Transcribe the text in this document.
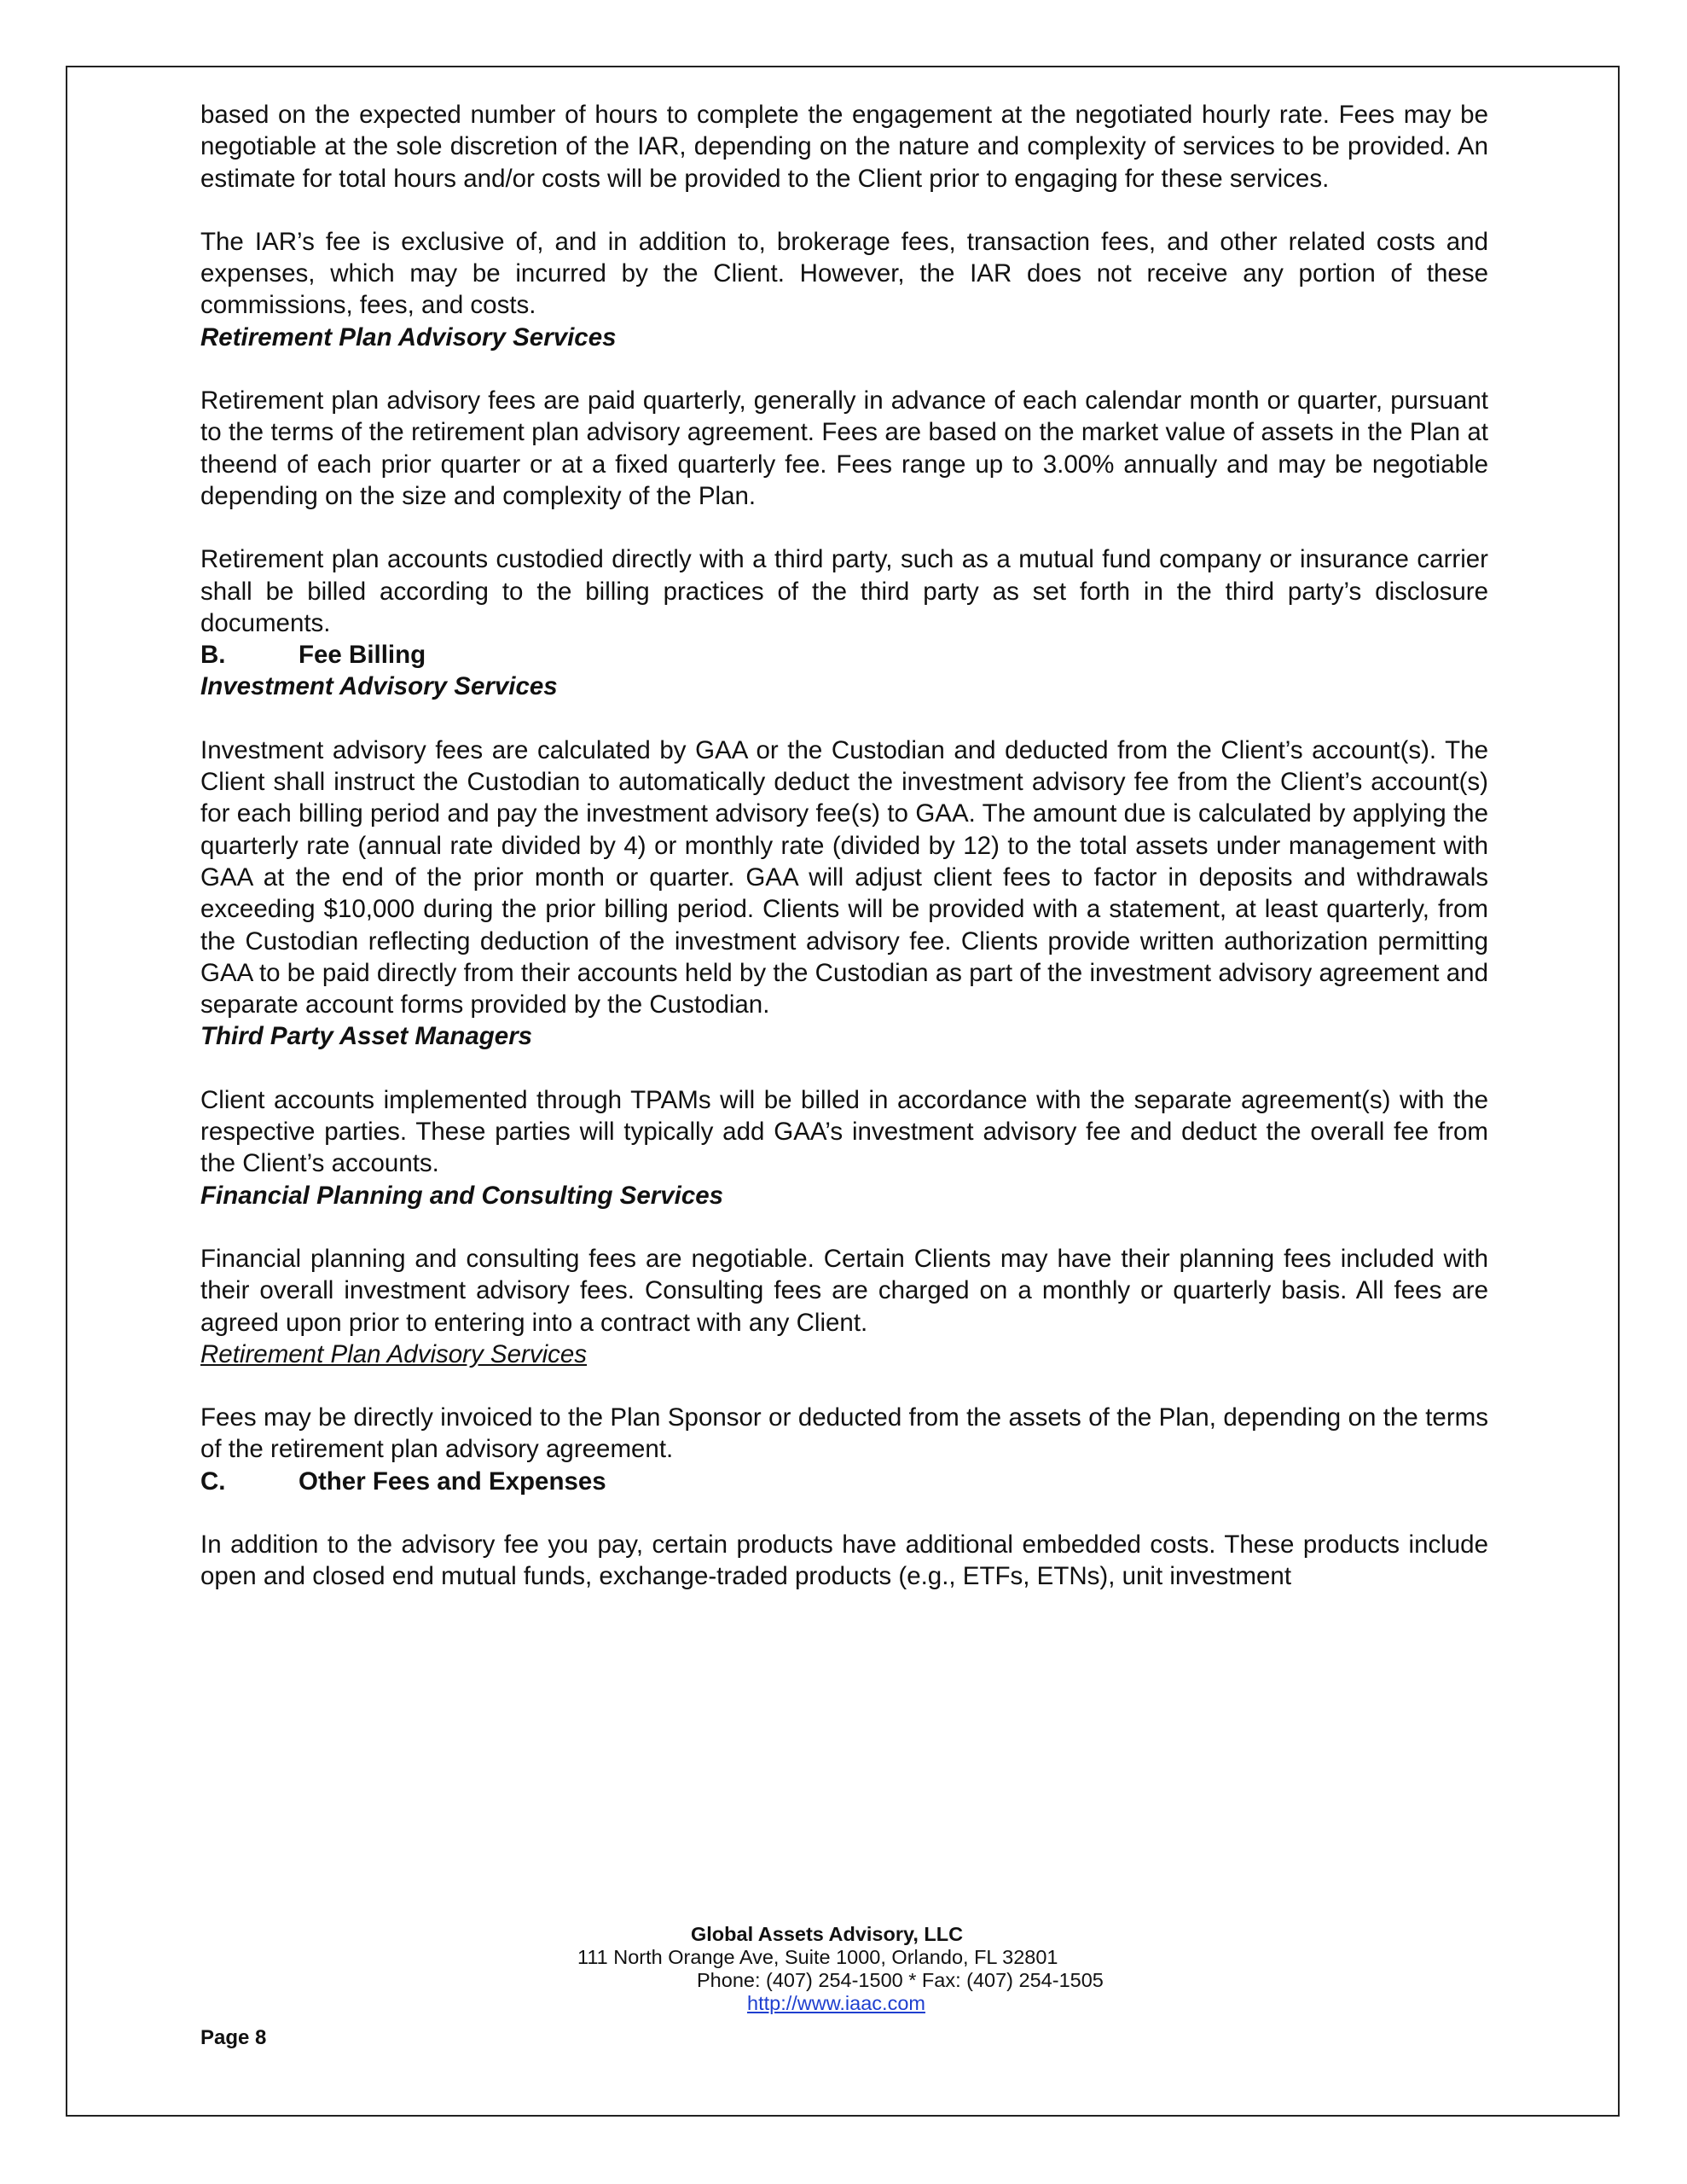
based on the expected number of hours to complete the engagement at the negotiated hourly rate. Fees may be negotiable at the sole discretion of the IAR, depending on the nature and complexity of services to be provided. An estimate for total hours and/or costs will be provided to the Client prior to engaging for these services.

The IAR’s fee is exclusive of, and in addition to, brokerage fees, transaction fees, and other related costs and expenses, which may be incurred by the Client. However, the IAR does not receive any portion of these commissions, fees, and costs.

Retirement Plan Advisory Services

Retirement plan advisory fees are paid quarterly, generally in advance of each calendar month or quarter, pursuant to the terms of the retirement plan advisory agreement. Fees are based on the market value of assets in the Plan at theend of each prior quarter or at a fixed quarterly fee. Fees range up to 3.00% annually and may be negotiable depending on the size and complexity of the Plan.

Retirement plan accounts custodied directly with a third party, such as a mutual fund company or insurance carrier shall be billed according to the billing practices of the third party as set forth in the third party’s disclosure documents.

B.	Fee Billing
Investment Advisory Services

Investment advisory fees are calculated by GAA or the Custodian and deducted from the Client’s account(s). The Client shall instruct the Custodian to automatically deduct the investment advisory fee from the Client’s account(s) for each billing period and pay the investment advisory fee(s) to GAA. The amount due is calculated by applying the quarterly rate (annual rate divided by 4) or monthly rate (divided by 12) to the total assets under management with GAA at the end of the prior month or quarter. GAA will adjust client fees to factor in deposits and withdrawals exceeding $10,000 during the prior billing period. Clients will be provided with a statement, at least quarterly, from the Custodian reflecting deduction of the investment advisory fee. Clients provide written authorization permitting GAA to be paid directly from their accounts held by the Custodian as part of the investment advisory agreement and separate account forms provided by the Custodian.

Third Party Asset Managers

Client accounts implemented through TPAMs will be billed in accordance with the separate agreement(s) with the respective parties. These parties will typically add GAA’s investment advisory fee and deduct the overall fee from the Client’s accounts.

Financial Planning and Consulting Services

Financial planning and consulting fees are negotiable. Certain Clients may have their planning fees included with their overall investment advisory fees. Consulting fees are charged on a monthly or quarterly basis. All fees are agreed upon prior to entering into a contract with any Client.

Retirement Plan Advisory Services

Fees may be directly invoiced to the Plan Sponsor or deducted from the assets of the Plan, depending on the terms of the retirement plan advisory agreement.

C.	Other Fees and Expenses

In addition to the advisory fee you pay, certain products have additional embedded costs. These products include open and closed end mutual funds, exchange-traded products (e.g., ETFs, ETNs), unit investment

Global Assets Advisory, LLC
111 North Orange Ave, Suite 1000, Orlando, FL 32801
Phone: (407) 254-1500 * Fax: (407) 254-1505
http://www.iaac.com
Page 8
